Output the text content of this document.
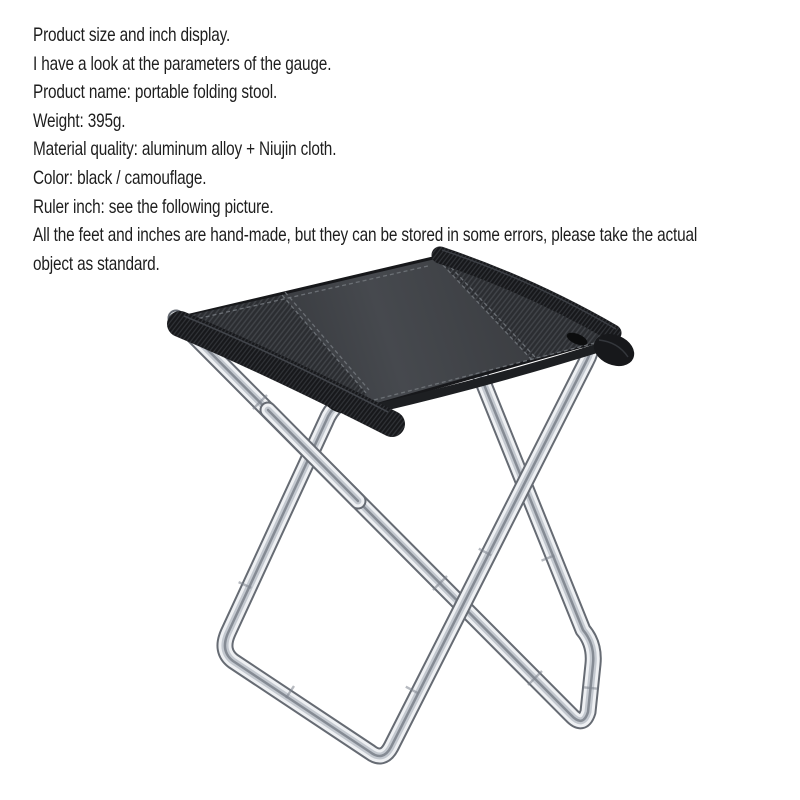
Product size and inch display.

I have a look at the parameters of the gauge.

Product name: portable folding stool.

Weight: 395g.

Material quality: aluminum alloy + Niujin cloth.

Color: black / camouflage.

Ruler inch: see the following picture.

All the feet and inches are hand-made, but they can be stored in some errors, please take the actual object as standard.
